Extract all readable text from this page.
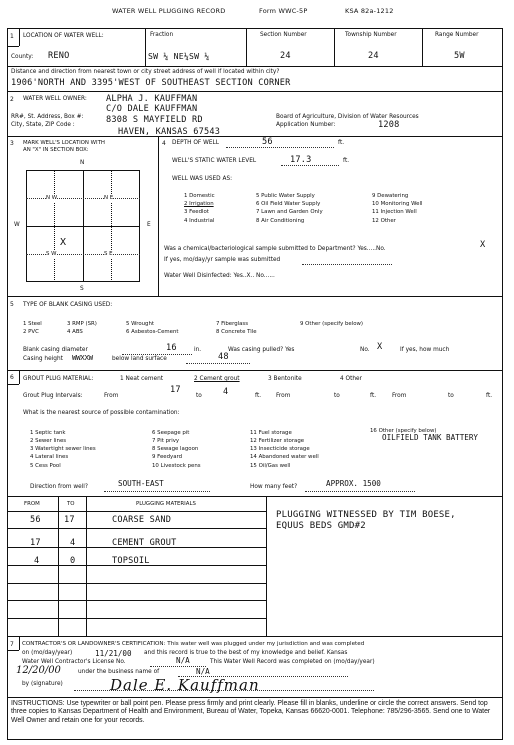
WATER WELL PLUGGING RECORD	Form WWC-5P	KSA 82a-1212
1 LOCATION OF WATER WELL:
County: RENO
Fraction
SW ¼ NE¼SW ¼
Section Number
24
Township Number
24
Range Number
5W
Distance and direction from nearest town or city street address of well if located within city?
1906'NORTH AND 3395'WEST OF SOUTHEAST SECTION CORNER
2 WATER WELL OWNER: ALPHA J. KAUFFMAN
C/O DALE KAUFFMAN
RR#, St. Address, Box #:	8308 S MAYFIELD RD
City, State, ZIP Code :
HAVEN, KANSAS 67543
Board of Agriculture, Division of Water Resources
Application Number:	1208
3 MARK WELL'S LOCATION WITH
AN "X" IN SECTION BOX:
N
S
W	E
N W	N E
S W	S E
X
4 DEPTH OF WELL	56	ft.
WELL'S STATIC WATER LEVEL	17.3	ft.
WELL WAS USED AS:
1 Domestic
2 Irrigation
3 Feedlot
4 Industrial
5 Public Water Supply
6 Oil Field Water Supply
7 Lawn and Garden Only
8 Air Conditioning
9 Dewatering
10 Monitoring Well
11 Injection Well
12 Other
Was a chemical/bacteriological sample submitted to Department? Yes.....No.	X
If yes, mo/day/yr sample was submitted
Water Well Disinfected: Yes..X.. No......
5 TYPE OF BLANK CASING USED:
1 Steel	3 RMP (SR)	5 Wrought	7 Fiberglass	9 Other (specify below)
2 PVC	4 ABS	6 Asbestos-Cement	8 Concrete Tile
Blank casing diameter	16	in.	Was casing pulled? Yes	No. X	If yes, how much
Casing height WWXXW	below land surface	48
6 GROUT PLUG MATERIAL:	1 Neat cement	2 Cement grout	3 Bentonite	4 Other
Grout Plug Intervals:	From
17
to 4	ft.	From	to	ft.	From	to	ft.
What is the nearest source of possible contamination:
1 Septic tank
2 Sewer lines
3 Watertight sewer lines
4 Lateral lines
5 Cess Pool
6 Seepage pit
7 Pit privy
8 Sewage lagoon
9 Feedyard
10 Livestock pens
11 Fuel storage
12 Fertilizer storage
13 Insecticide storage
14 Abandoned water well
15 Oil/Gas well
16 Other (specify below)
OILFIELD TANK BATTERY
Direction from well?	SOUTH-EAST	How many feet?	APPROX. 1500
FROM	TO	PLUGGING MATERIALS
56	17	COARSE SAND
17	4	CEMENT GROUT
4	0	TOPSOIL
PLUGGING WITNESSED BY TIM BOESE,
EQUUS BEDS GMD#2
7 CONTRACTOR'S OR LANDOWNER'S CERTIFICATION: This water well was plugged under my jurisdiction and was completed
on (mo/day/year)	11/21/00 and this record is true to the best of my knowledge and belief. Kansas
Water Well Contractor's License No.	N/A	This Water Well Record was completed on (mo/day/year)
12/20/00	under the business name of	N/A
by (signature)	Dale E. Kauffman
INSTRUCTIONS: Use typewriter or ball point pen. Please press firmly and print clearly. Please fill in blanks, underline or circle the correct answers. Send top three copies to Kansas Department of Health and Environment, Bureau of Water, Topeka, Kansas 66620-0001. Telephone: 785/296-3565. Send one to Water Well Owner and retain one for your records.
